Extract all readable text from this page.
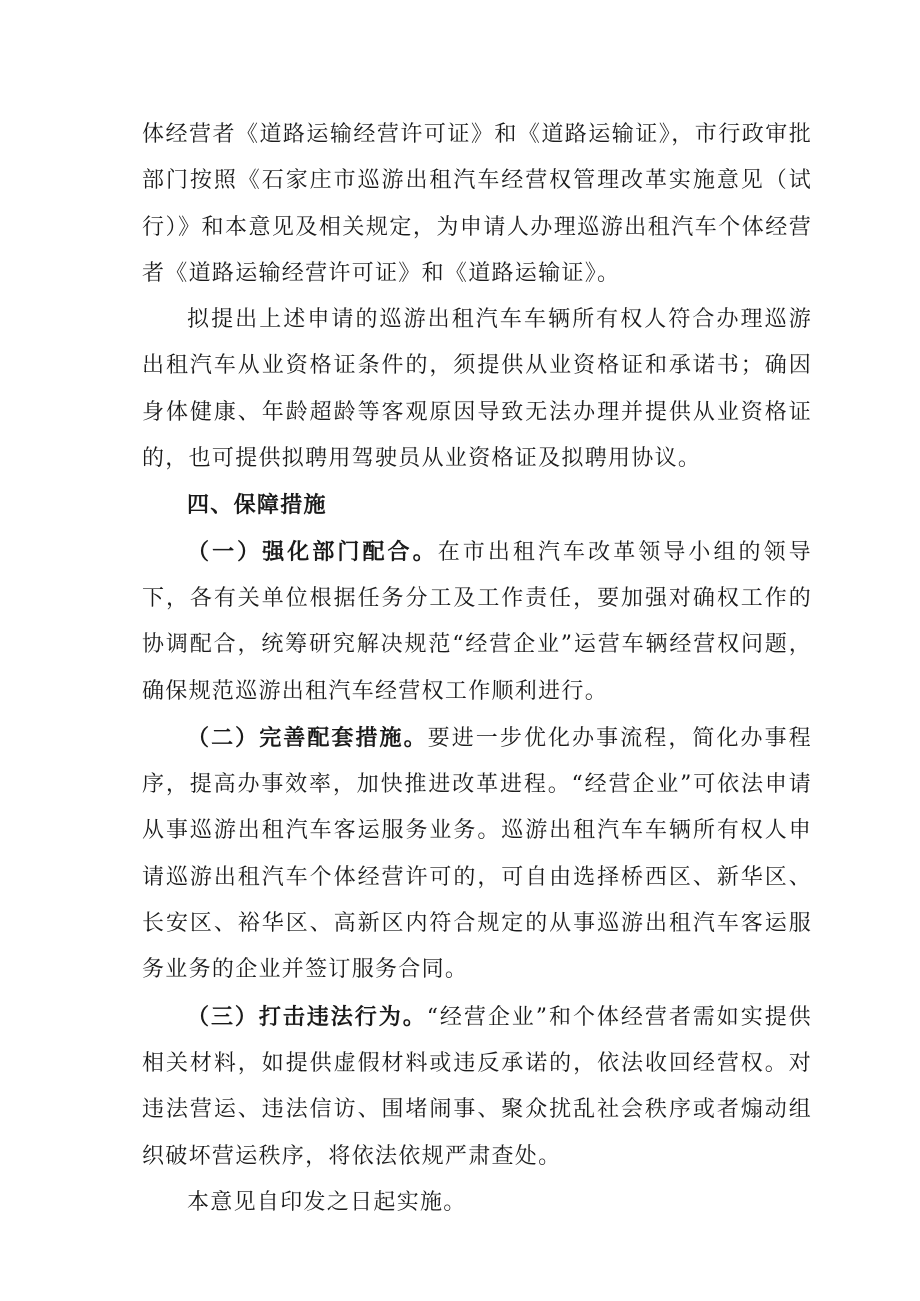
体经营者《道路运输经营许可证》和《道路运输证》，市行政审批部门按照《石家庄市巡游出租汽车经营权管理改革实施意见（试行）》和本意见及相关规定，为申请人办理巡游出租汽车个体经营者《道路运输经营许可证》和《道路运输证》。

拟提出上述申请的巡游出租汽车车辆所有权人符合办理巡游出租汽车从业资格证条件的，须提供从业资格证和承诺书；确因身体健康、年龄超龄等客观原因导致无法办理并提供从业资格证的，也可提供拟聘用驾驶员从业资格证及拟聘用协议。

四、保障措施

（一）强化部门配合。在市出租汽车改革领导小组的领导下，各有关单位根据任务分工及工作责任，要加强对确权工作的协调配合，统筹研究解决规范“经营企业”运营车辆经营权问题，确保规范巡游出租汽车经营权工作顺利进行。

（二）完善配套措施。要进一步优化办事流程，简化办事程序，提高办事效率，加快推进改革进程。“经营企业”可依法申请从事巡游出租汽车客运服务业务。巡游出租汽车车辆所有权人申请巡游出租汽车个体经营许可的，可自由选择桥西区、新华区、长安区、裕华区、高新区内符合规定的从事巡游出租汽车客运服务业务的企业并签订服务合同。

（三）打击违法行为。“经营企业”和个体经营者需如实提供相关材料，如提供虚假材料或违反承诺的，依法收回经营权。对违法营运、违法信访、围堵闹事、聚众扰乱社会秩序或者煽动组织破坏营运秩序，将依法依规严肃查处。

本意见自印发之日起实施。
